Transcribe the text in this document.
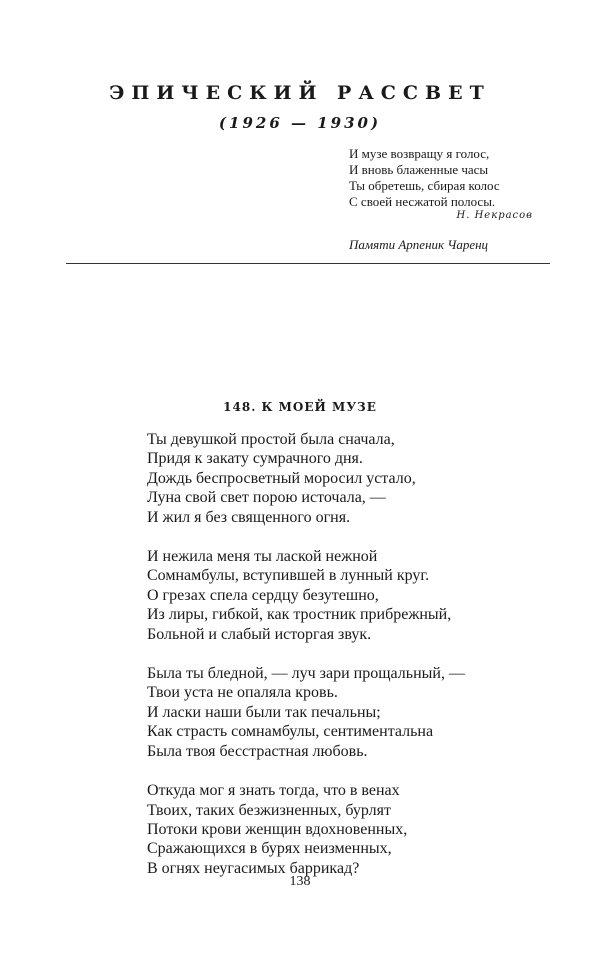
ЭПИЧЕСКИЙ РАССВЕТ
(1926 — 1930)
И музе возвращу я голос,
И вновь блаженные часы
Ты обретешь, сбирая колос
С своей несжатой полосы.
Н. Некрасов
Памяти Арпеник Чаренц
148. К МОЕЙ МУЗЕ
Ты девушкой простой была сначала,
Придя к закату сумрачного дня.
Дождь беспросветный моросил устало,
Луна свой свет порою источала, —
И жил я без священного огня.
И нежила меня ты лаской нежной
Сомнамбулы, вступившей в лунный круг.
О грезах спела сердцу безутешно,
Из лиры, гибкой, как тростник прибрежный,
Больной и слабый исторгая звук.
Была ты бледной, — луч зари прощальный, —
Твои уста не опаляла кровь.
И ласки наши были так печальны;
Как страсть сомнамбулы, сентиментальна
Была твоя бесстрастная любовь.
Откуда мог я знать тогда, что в венах
Твоих, таких безжизненных, бурлят
Потоки крови женщин вдохновенных,
Сражающихся в бурях неизменных,
В огнях неугасимых баррикад?
138
